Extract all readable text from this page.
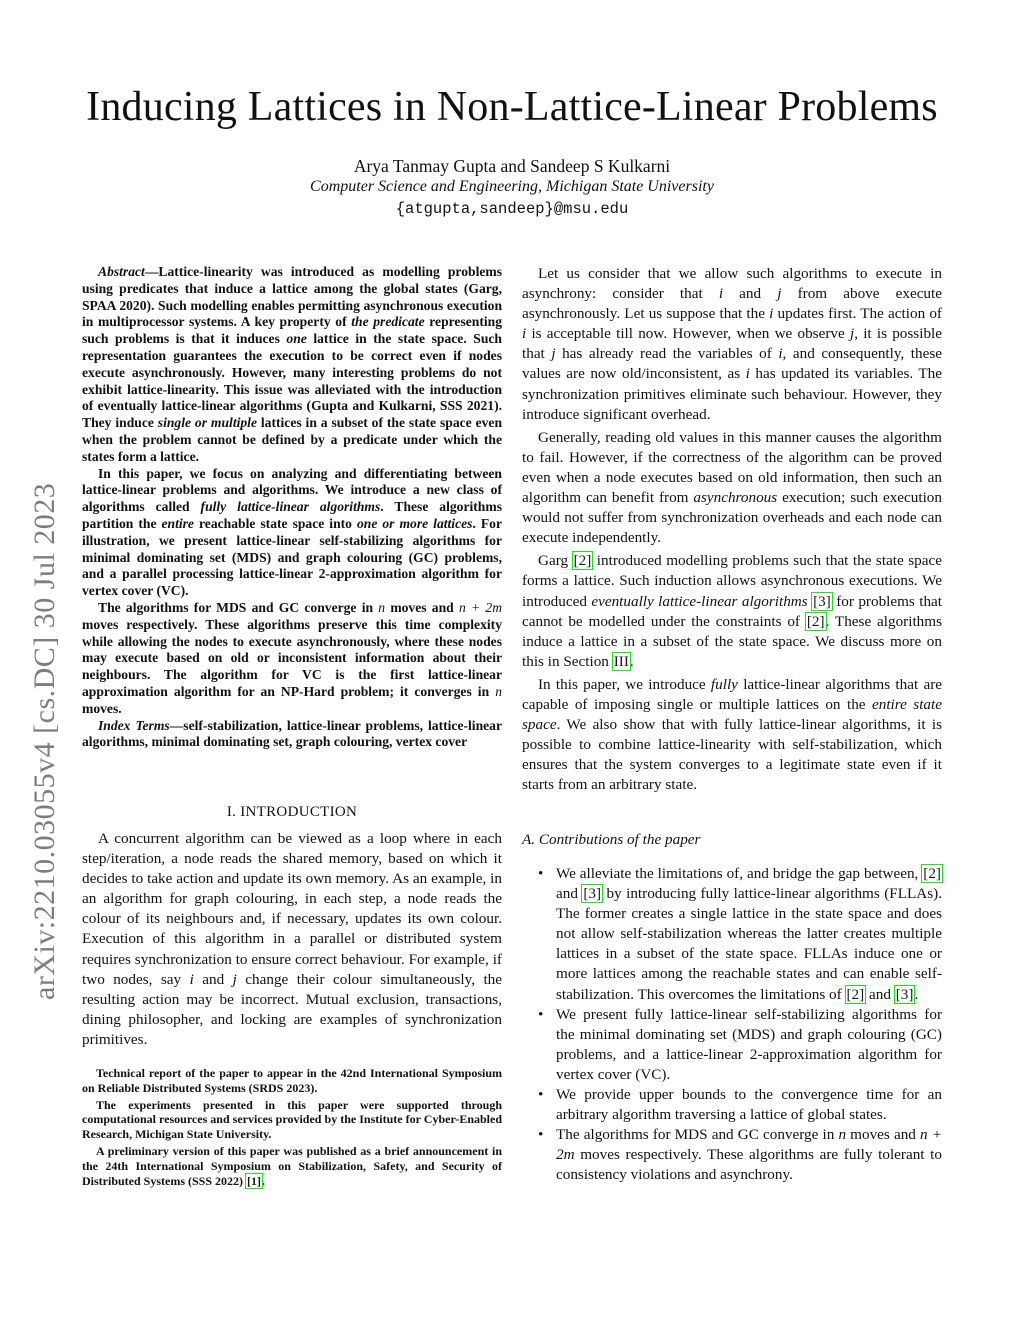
Inducing Lattices in Non-Lattice-Linear Problems
Arya Tanmay Gupta and Sandeep S Kulkarni
Computer Science and Engineering, Michigan State University
{atgupta,sandeep}@msu.edu
arXiv:2210.03055v4 [cs.DC] 30 Jul 2023

Abstract—Lattice-linearity was introduced as modelling problems using predicates that induce a lattice among the global states (Garg, SPAA 2020). Such modelling enables permitting asynchronous execution in multiprocessor systems. A key property of the predicate representing such problems is that it induces one lattice in the state space. Such representation guarantees the execution to be correct even if nodes execute asynchronously. However, many interesting problems do not exhibit lattice-linearity. This issue was alleviated with the introduction of eventually lattice-linear algorithms (Gupta and Kulkarni, SSS 2021). They induce single or multiple lattices in a subset of the state space even when the problem cannot be defined by a predicate under which the states form a lattice.

In this paper, we focus on analyzing and differentiating between lattice-linear problems and algorithms. We introduce a new class of algorithms called fully lattice-linear algorithms. These algorithms partition the entire reachable state space into one or more lattices. For illustration, we present lattice-linear self-stabilizing algorithms for minimal dominating set (MDS) and graph colouring (GC) problems, and a parallel processing lattice-linear 2-approximation algorithm for vertex cover (VC).

The algorithms for MDS and GC converge in n moves and n + 2m moves respectively. These algorithms preserve this time complexity while allowing the nodes to execute asynchronously, where these nodes may execute based on old or inconsistent information about their neighbours. The algorithm for VC is the first lattice-linear approximation algorithm for an NP-Hard problem; it converges in n moves.

Index Terms—self-stabilization, lattice-linear problems, lattice-linear algorithms, minimal dominating set, graph colouring, vertex cover

I. INTRODUCTION

A concurrent algorithm can be viewed as a loop where in each step/iteration, a node reads the shared memory, based on which it decides to take action and update its own memory. As an example, in an algorithm for graph colouring, in each step, a node reads the colour of its neighbours and, if necessary, updates its own colour. Execution of this algorithm in a parallel or distributed system requires synchronization to ensure correct behaviour. For example, if two nodes, say i and j change their colour simultaneously, the resulting action may be incorrect. Mutual exclusion, transactions, dining philosopher, and locking are examples of synchronization primitives.

Technical report of the paper to appear in the 42nd International Symposium on Reliable Distributed Systems (SRDS 2023).

The experiments presented in this paper were supported through computational resources and services provided by the Institute for Cyber-Enabled Research, Michigan State University.

A preliminary version of this paper was published as a brief announcement in the 24th International Symposium on Stabilization, Safety, and Security of Distributed Systems (SSS 2022) [1].

Let us consider that we allow such algorithms to execute in asynchrony: consider that i and j from above execute asynchronously. Let us suppose that the i updates first. The action of i is acceptable till now. However, when we observe j, it is possible that j has already read the variables of i, and consequently, these values are now old/inconsistent, as i has updated its variables. The synchronization primitives eliminate such behaviour. However, they introduce significant overhead.

Generally, reading old values in this manner causes the algorithm to fail. However, if the correctness of the algorithm can be proved even when a node executes based on old information, then such an algorithm can benefit from asynchronous execution; such execution would not suffer from synchronization overheads and each node can execute independently.

Garg [2] introduced modelling problems such that the state space forms a lattice. Such induction allows asynchronous executions. We introduced eventually lattice-linear algorithms [3] for problems that cannot be modelled under the constraints of [2]. These algorithms induce a lattice in a subset of the state space. We discuss more on this in Section III.

In this paper, we introduce fully lattice-linear algorithms that are capable of imposing single or multiple lattices on the entire state space. We also show that with fully lattice-linear algorithms, it is possible to combine lattice-linearity with self-stabilization, which ensures that the system converges to a legitimate state even if it starts from an arbitrary state.

A. Contributions of the paper
• We alleviate the limitations of, and bridge the gap between, [2] and [3] by introducing fully lattice-linear algorithms (FLLAs). The former creates a single lattice in the state space and does not allow self-stabilization whereas the latter creates multiple lattices in a subset of the state space. FLLAs induce one or more lattices among the reachable states and can enable self-stabilization. This overcomes the limitations of [2] and [3].
• We present fully lattice-linear self-stabilizing algorithms for the minimal dominating set (MDS) and graph colouring (GC) problems, and a lattice-linear 2-approximation algorithm for vertex cover (VC).
• We provide upper bounds to the convergence time for an arbitrary algorithm traversing a lattice of global states.
• The algorithms for MDS and GC converge in n moves and n + 2m moves respectively. These algorithms are fully tolerant to consistency violations and asynchrony.
